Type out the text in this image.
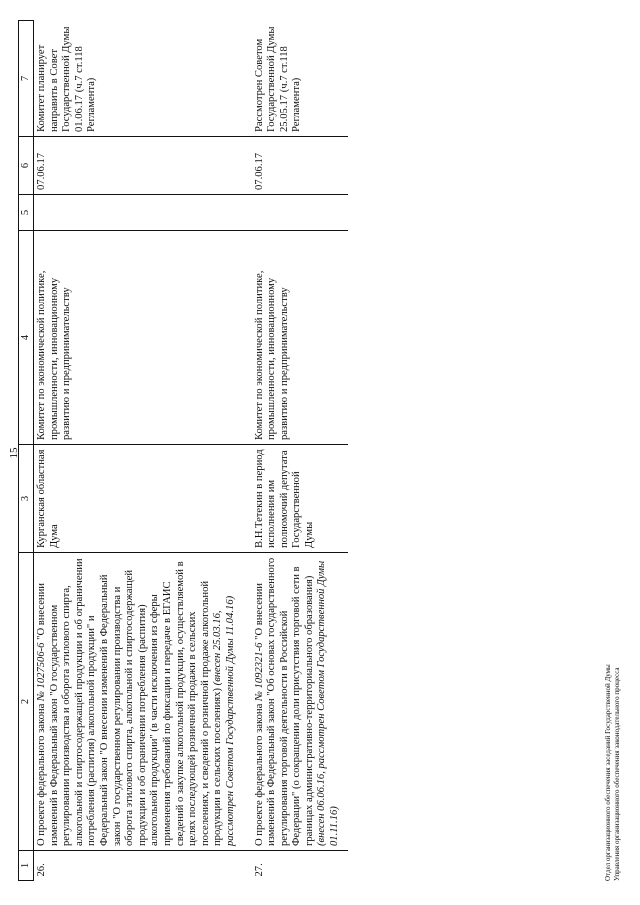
15
1	2	3	4	5	6	7
26.	О проекте федерального закона № 1027506-6 "О внесении изменений в Федеральный закон "О государственном регулировании производства и оборота этилового спирта, алкогольной и спиртосодержащей продукции и об ограничении потребления (распития) алкогольной продукции" и Федеральный закон "О внесении изменений в Федеральный закон "О государственном регулировании производства и оборота этилового спирта, алкогольной и спиртосодержащей продукции и об ограничении потребления (распития) алкогольной продукции" (в части исключения из сферы применения требований по фиксации и передаче в ЕГАИС сведений о закупке алкогольной продукции, осуществляемой в целях последующей розничной продажи в сельских поселениях, и сведений о розничной продаже алкогольной продукции в сельских поселениях) (внесен 25.03.16, рассмотрен Советом Государственной Думы 11.04.16)	Курганская областная Дума	Комитет по экономической политике, промышленности, инновационному развитию и предпринимательству		07.06.17	Комитет планирует направить в Совет Государственной Думы 01.06.17 (ч.7 ст.118 Регламента)
27.	О проекте федерального закона № 1092321-6 "О внесении изменений в Федеральный закон "Об основах государственного регулирования торговой деятельности в Российской Федерации" (о сокращении доли присутствия торговой сети в границах административно-территориального образования) (внесен 06.06.16, рассмотрен Советом Государственной Думы 01.11.16)	В.Н.Тетекин в период исполнения им полномочий депутата Государственной Думы	Комитет по экономической политике, промышленности, инновационному развитию и предпринимательству		07.06.17	Рассмотрен Советом Государственной Думы 25.05.17 (ч.7 ст.118 Регламента)
Отдел организационного обеспечения заседаний Государственной Думы Управления организационного обеспечения законодательного процесса
